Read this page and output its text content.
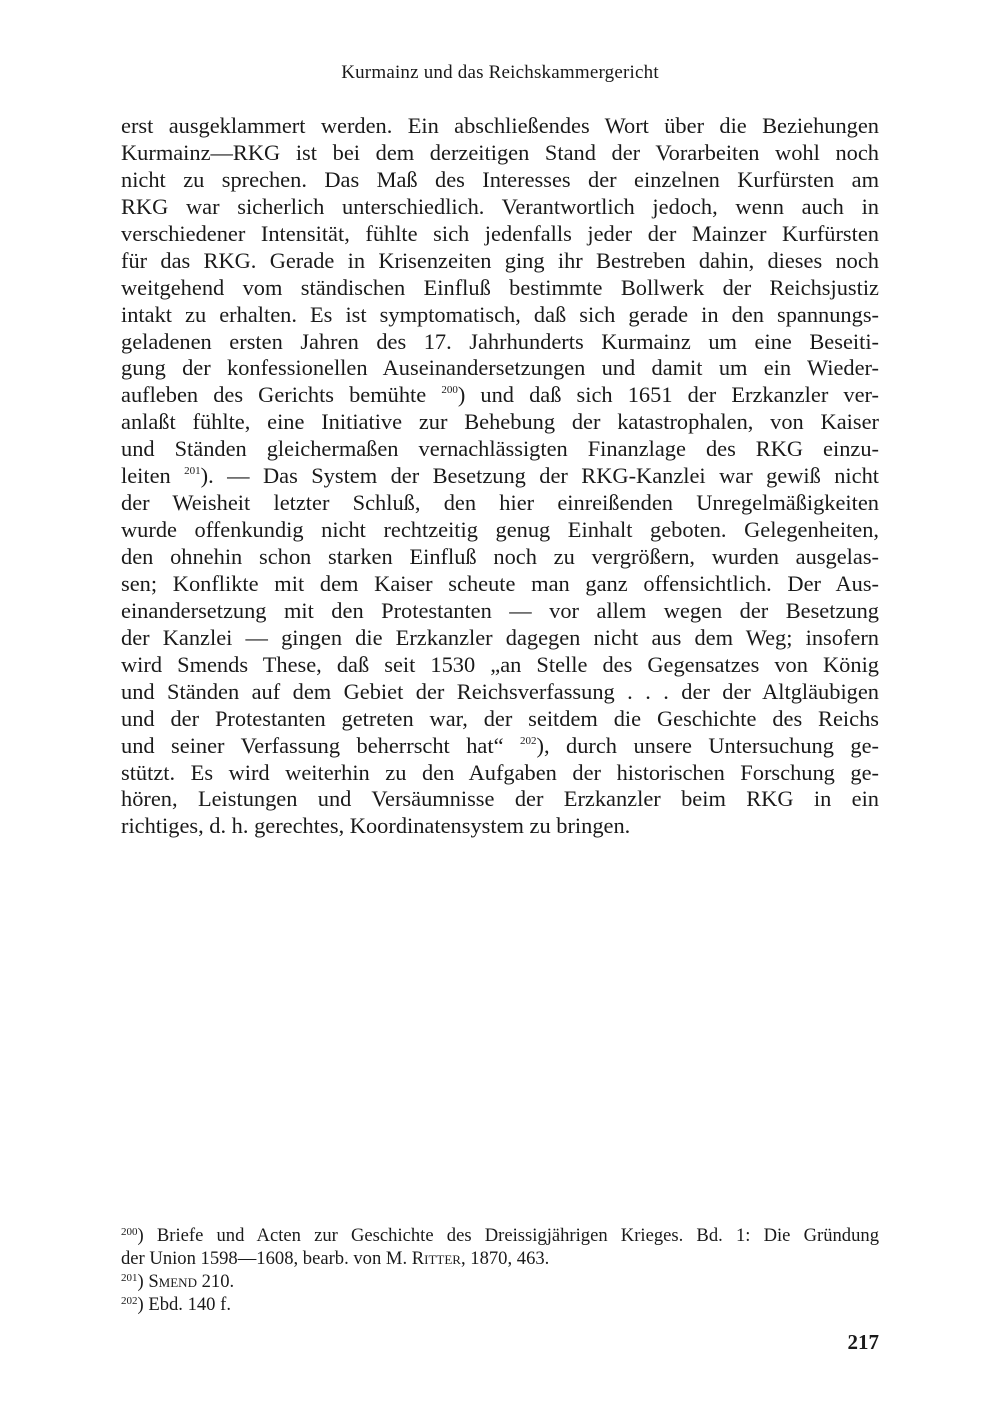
Kurmainz und das Reichskammergericht
erst ausgeklammert werden. Ein abschließendes Wort über die Beziehungen
Kurmainz—RKG ist bei dem derzeitigen Stand der Vorarbeiten wohl noch
nicht zu sprechen. Das Maß des Interesses der einzelnen Kurfürsten am
RKG war sicherlich unterschiedlich. Verantwortlich jedoch, wenn auch in
verschiedener Intensität, fühlte sich jedenfalls jeder der Mainzer Kurfürsten
für das RKG. Gerade in Krisenzeiten ging ihr Bestreben dahin, dieses noch
weitgehend vom ständischen Einfluß bestimmte Bollwerk der Reichsjustiz
intakt zu erhalten. Es ist symptomatisch, daß sich gerade in den spannungs-
geladenen ersten Jahren des 17. Jahrhunderts Kurmainz um eine Beseiti-
gung der konfessionellen Auseinandersetzungen und damit um ein Wieder-
aufleben des Gerichts bemühte $^{200}$) und daß sich 1651 der Erzkanzler ver-
anlaßt fühlte, eine Initiative zur Behebung der katastrophalen, von Kaiser
und Ständen gleichermaßen vernachlässigten Finanzlage des RKG einzu-
leiten $^{201}$). — Das System der Besetzung der RKG-Kanzlei war gewiß nicht
der Weisheit letzter Schluß, den hier einreißenden Unregelmäßigkeiten
wurde offenkundig nicht rechtzeitig genug Einhalt geboten. Gelegenheiten,
den ohnehin schon starken Einfluß noch zu vergrößern, wurden ausgelas-
sen; Konflikte mit dem Kaiser scheute man ganz offensichtlich. Der Aus-
einandersetzung mit den Protestanten — vor allem wegen der Besetzung
der Kanzlei — gingen die Erzkanzler dagegen nicht aus dem Weg; insofern
wird Smends These, daß seit 1530 „an Stelle des Gegensatzes von König
und Ständen auf dem Gebiet der Reichsverfassung . . . der der Altgläubigen
und der Protestanten getreten war, der seitdem die Geschichte des Reichs
und seiner Verfassung beherrscht hat“ $^{202}$), durch unsere Untersuchung ge-
stützt. Es wird weiterhin zu den Aufgaben der historischen Forschung ge-
hören, Leistungen und Versäumnisse der Erzkanzler beim RKG in ein
richtiges, d. h. gerechtes, Koordinatensystem zu bringen.
$^{200}$) Briefe und Acten zur Geschichte des Dreissigjährigen Krieges. Bd. 1: Die Gründung
der Union 1598—1608, bearb. von M. Ritter, 1870, 463.
$^{201}$) Smend 210.
$^{202}$) Ebd. 140 f.
217
